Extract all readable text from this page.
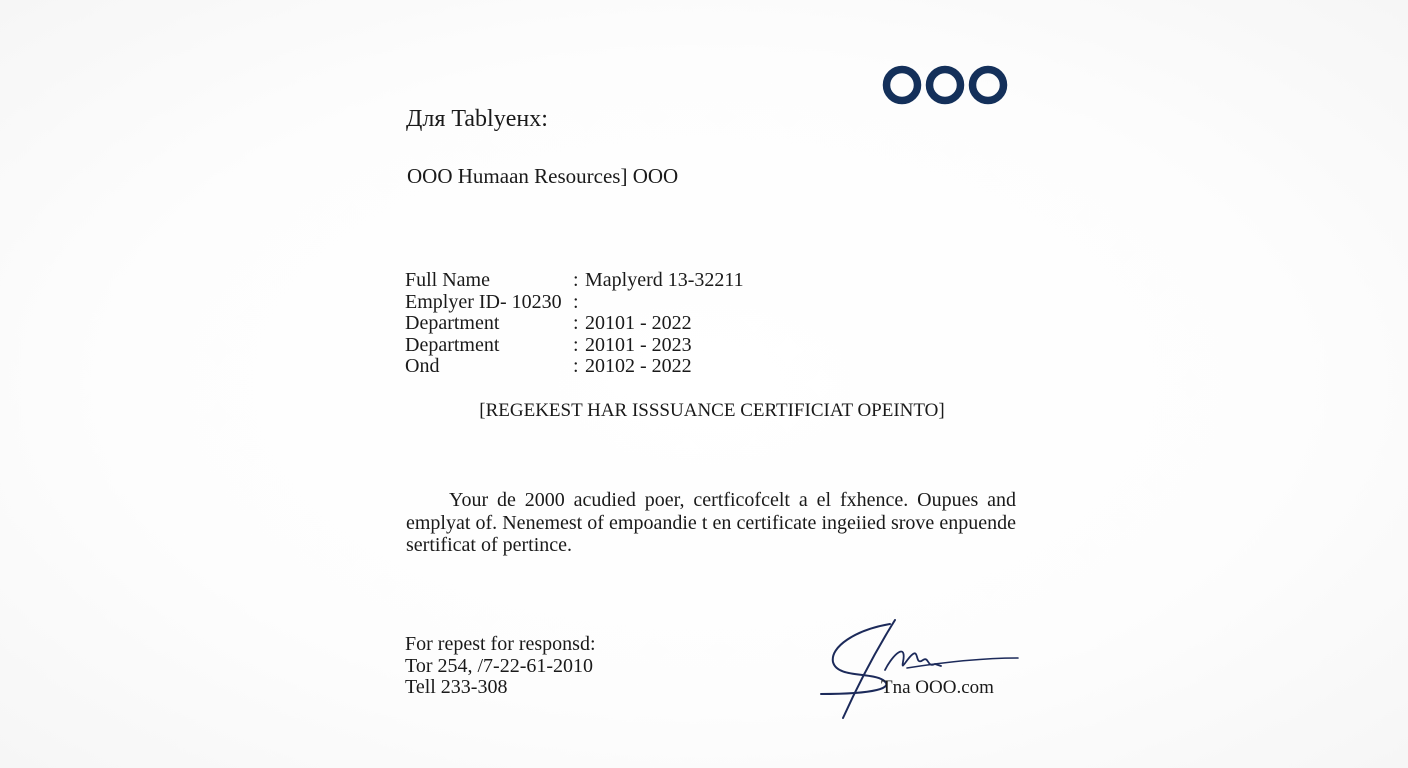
Для Tablyeнx:
OOO Humaan Resources] OOO
Full Name	: Maplyerd 13-32211
Emplyer ID- 10230 :
Department	: 20101 - 2022
Department	: 20101 - 2023
Ond	: 20102 - 2022
[REGEKEST HAR ISSSUANCE CERTIFICIAT OPEINTO]
Your de 2000 acudied poer, certficofcelt a el fxhence. Oupues and emplyat of. Nenemest of empoandie t en certificate ingeiied srove enpuende sertificat of pertince.
For repest for responsd:
Tor 254, /7-22-61-2010
Tell 233-308	Tna OOO.com
